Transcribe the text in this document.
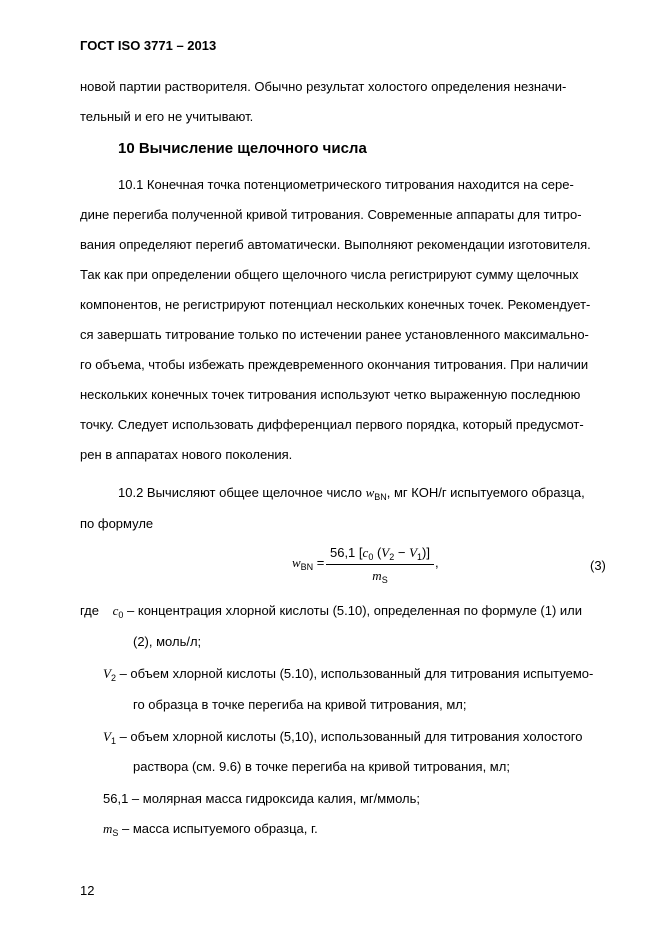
ГОСТ ISO 3771 – 2013
новой партии растворителя. Обычно результат холостого определения незначи-
тельный и его не учитывают.
10 Вычисление щелочного числа
10.1 Конечная точка потенциометрического титрования находится на сере-
дине перегиба полученной кривой титрования. Современные аппараты для титро-
вания определяют перегиб автоматически. Выполняют рекомендации изготовителя.
Так как при определении общего щелочного числа регистрируют сумму щелочных
компонентов, не регистрируют потенциал нескольких конечных точек. Рекомендует-
ся завершать титрование только по истечении ранее установленного максимально-
го объема, чтобы избежать преждевременного окончания титрования. При наличии
нескольких конечных точек титрования используют четко выраженную последнюю
точку. Следует использовать дифференциал первого порядка, который предусмот-
рен в аппаратах нового поколения.
10.2 Вычисляют общее щелочное число $w_{BN}$, мг КОН/г испытуемого образца,
по формуле
$w_{BN}$ =
56,1 [$c_0$ $(V_2 - V_1)$]
$m_S$
,	(3)
где $c_0$ – концентрация хлорной кислоты (5.10), определенная по формуле (1) или
(2), моль/л;
$V_2$ – объем хлорной кислоты (5.10), использованный для титрования испытуемо-
го образца в точке перегиба на кривой титрования, мл;
$V_1$ – объем хлорной кислоты (5,10), использованный для титрования холостого
раствора (см. 9.6) в точке перегиба на кривой титрования, мл;
56,1 – молярная масса гидроксида калия, мг/ммоль;
$m_S$ – масса испытуемого образца, г.
12
